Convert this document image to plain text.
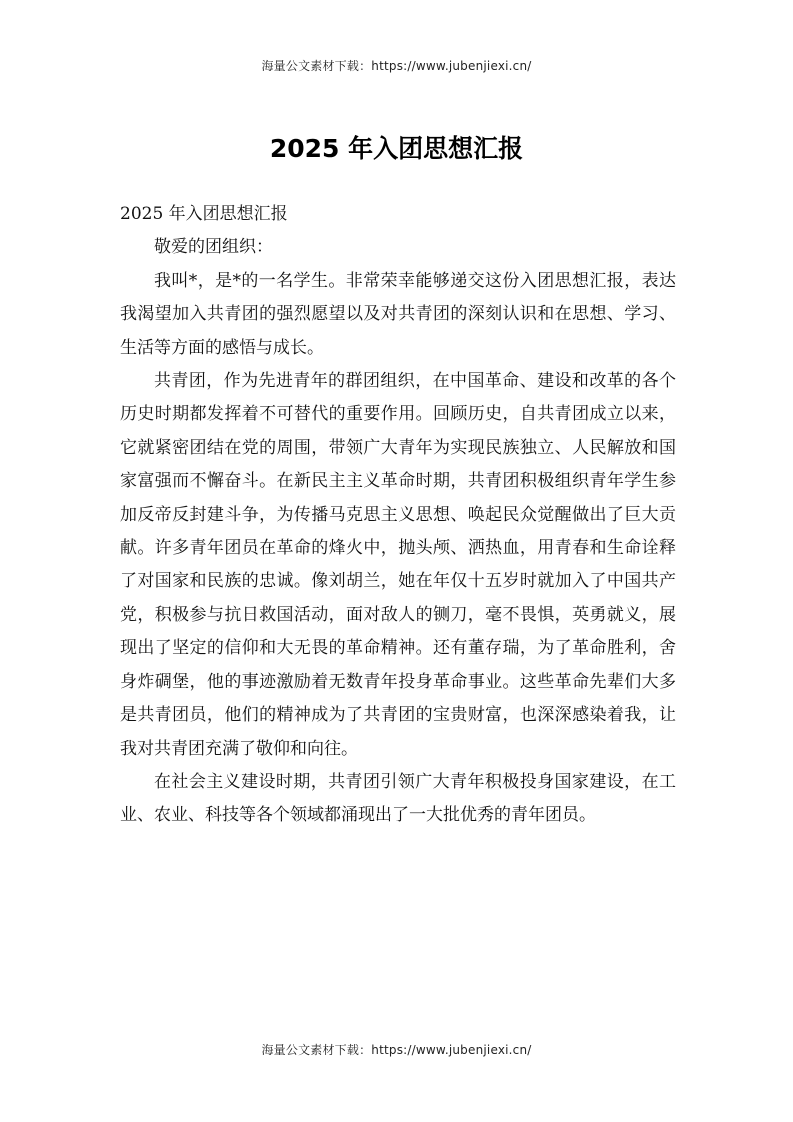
海量公文素材下载：https://www.jubenjiexi.cn/
2025 年入团思想汇报

2025 年入团思想汇报

敬爱的团组织：

我叫*，是*的一名学生。非常荣幸能够递交这份入团思想汇报，表达我渴望加入共青团的强烈愿望以及对共青团的深刻认识和在思想、学习、生活等方面的感悟与成长。

共青团，作为先进青年的群团组织，在中国革命、建设和改革的各个历史时期都发挥着不可替代的重要作用。回顾历史，自共青团成立以来，它就紧密团结在党的周围，带领广大青年为实现民族独立、人民解放和国家富强而不懈奋斗。在新民主主义革命时期，共青团积极组织青年学生参加反帝反封建斗争，为传播马克思主义思想、唤起民众觉醒做出了巨大贡献。许多青年团员在革命的烽火中，抛头颅、洒热血，用青春和生命诠释了对国家和民族的忠诚。像刘胡兰，她在年仅十五岁时就加入了中国共产党，积极参与抗日救国活动，面对敌人的铡刀，毫不畏惧，英勇就义，展现出了坚定的信仰和大无畏的革命精神。还有董存瑞，为了革命胜利，舍身炸碉堡，他的事迹激励着无数青年投身革命事业。这些革命先辈们大多是共青团员，他们的精神成为了共青团的宝贵财富，也深深感染着我，让我对共青团充满了敬仰和向往。

在社会主义建设时期，共青团引领广大青年积极投身国家建设，在工业、农业、科技等各个领域都涌现出了一大批优秀的青年团员。

海量公文素材下载：https://www.jubenjiexi.cn/
